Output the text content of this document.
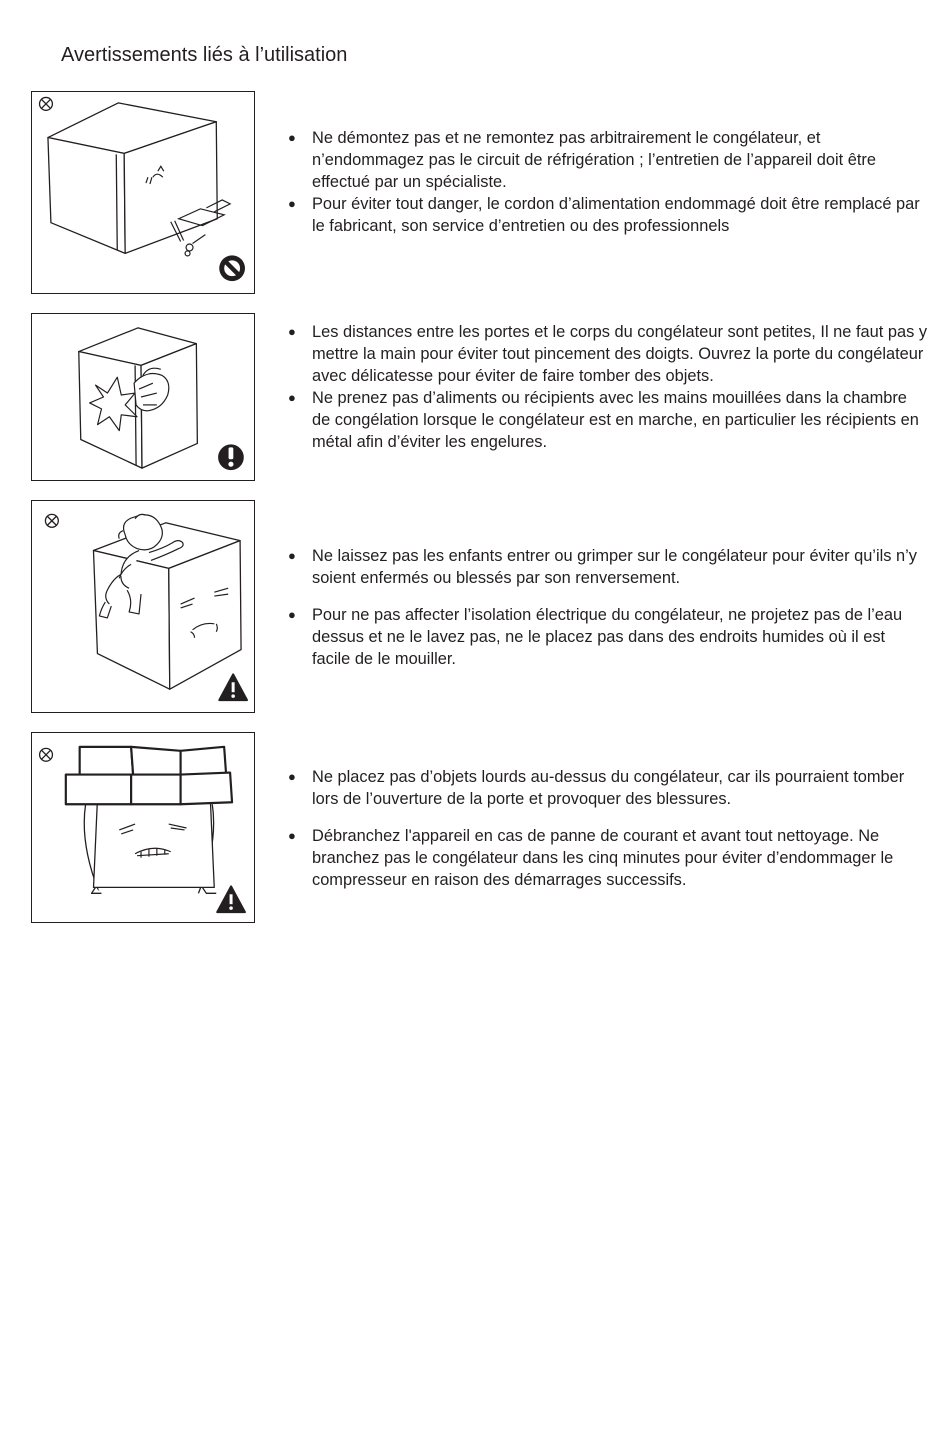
Avertissements liés à l’utilisation

● Ne démontez pas et ne remontez pas arbitrairement le congélateur, et n’endommagez pas le circuit de réfrigération ; l’entretien de l’appareil doit être effectué par un spécialiste.

● Pour éviter tout danger, le cordon d’alimentation endommagé doit être remplacé par le fabricant, son service d’entretien ou des professionnels

● Les distances entre les portes et le corps du congélateur sont petites, Il ne faut pas y mettre la main pour éviter tout pincement des doigts. Ouvrez la porte du congélateur avec délicatesse pour éviter de faire tomber des objets.

● Ne prenez pas d’aliments ou récipients avec les mains mouillées dans la chambre de congélation lorsque le congélateur est en marche, en particulier les récipients en métal afin d’éviter les engelures.

● Ne laissez pas les enfants entrer ou grimper sur le congélateur pour éviter qu’ils n’y soient enfermés ou blessés par son renversement.

● Pour ne pas affecter l’isolation électrique du congélateur, ne projetez pas de l’eau dessus et ne le lavez pas, ne le placez pas dans des endroits humides où il est facile de le mouiller.

● Ne placez pas d’objets lourds au-dessus du congélateur, car ils pourraient tomber lors de l’ouverture de la porte et provoquer des blessures.

● Débranchez l'appareil en cas de panne de courant et avant tout nettoyage. Ne branchez pas le congélateur dans les cinq minutes pour éviter d’endommager le compresseur en raison des démarrages successifs.
